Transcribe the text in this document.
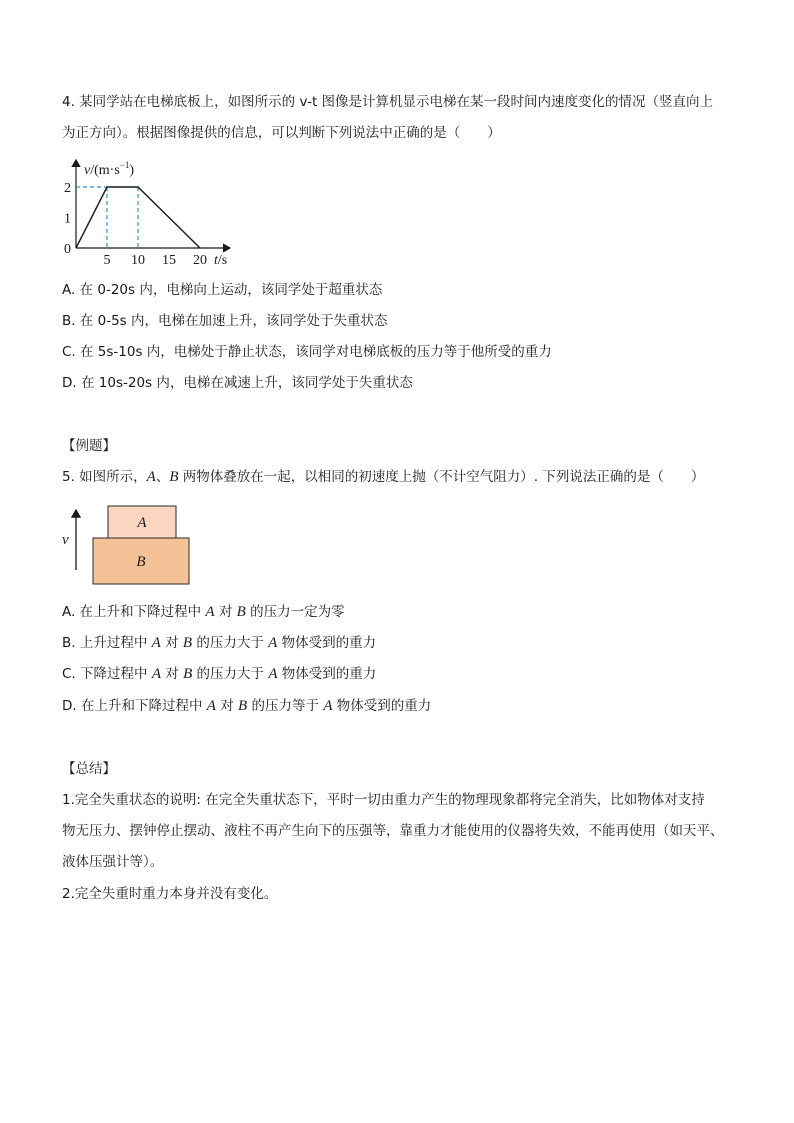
4. 某同学站在电梯底板上，如图所示的 v-t 图像是计算机显示电梯在某一段时间内速度变化的情况（竖直向上
为正方向）。根据图像提供的信息，可以判断下列说法中正确的是（　　）
$v/(m\cdot s^{-1})$
t/s
5 10 15 20
0
1
2
A. 在 0-20s 内，电梯向上运动，该同学处于超重状态
B. 在 0-5s 内，电梯在加速上升，该同学处于失重状态
C. 在 5s-10s 内，电梯处于静止状态，该同学对电梯底板的压力等于他所受的重力
D. 在 10s-20s 内，电梯在减速上升，该同学处于失重状态
【例题】
5. 如图所示，A、B 两物体叠放在一起，以相同的初速度上抛（不计空气阻力）. 下列说法正确的是（　　）
v
A
B
A. 在上升和下降过程中 A 对 B 的压力一定为零
B. 上升过程中 A 对 B 的压力大于 A 物体受到的重力
C. 下降过程中 A 对 B 的压力大于 A 物体受到的重力
D. 在上升和下降过程中 A 对 B 的压力等于 A 物体受到的重力
【总结】
1.完全失重状态的说明: 在完全失重状态下，平时一切由重力产生的物理现象都将完全消失，比如物体对支持
物无压力、摆钟停止摆动、液柱不再产生向下的压强等，靠重力才能使用的仪器将失效，不能再使用（如天平、
液体压强计等）。
2.完全失重时重力本身并没有变化。
